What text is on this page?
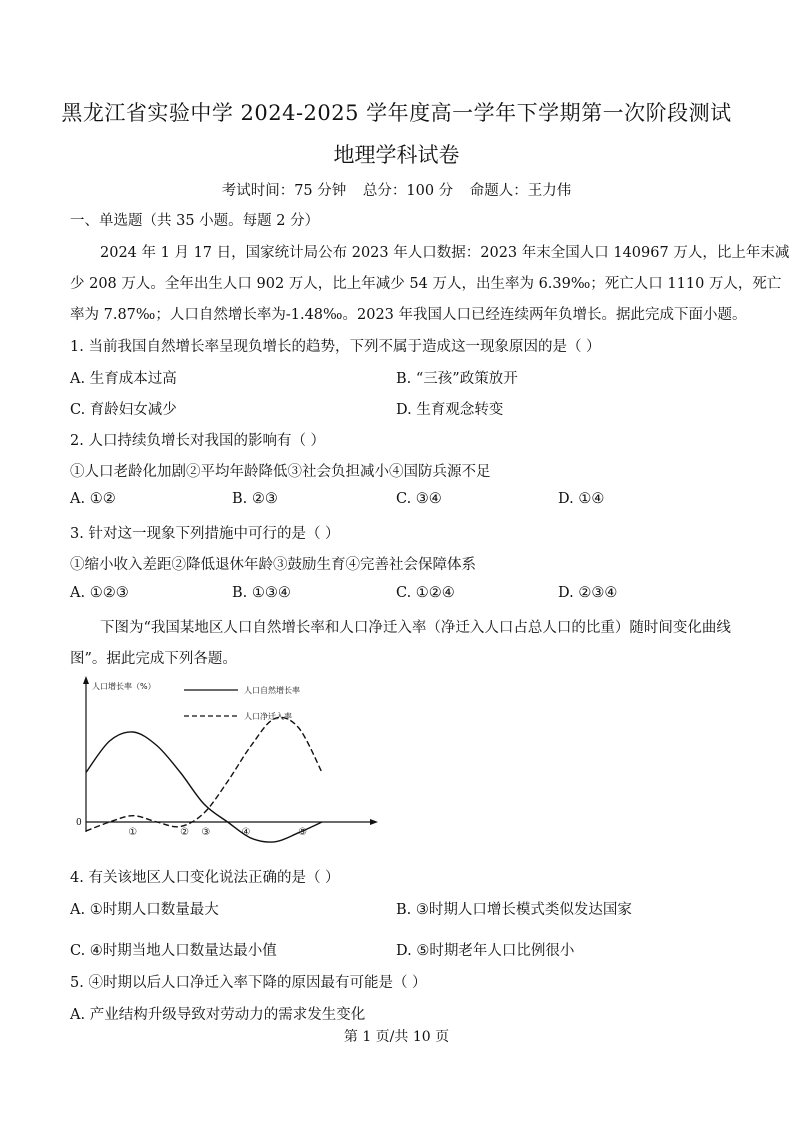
黑龙江省实验中学 2024-2025 学年度高一学年下学期第一次阶段测试
地理学科试卷
考试时间：75 分钟 总分：100 分 命题人：王力伟
一、单选题（共 35 小题。每题 2 分）
2024 年 1 月 17 日，国家统计局公布 2023 年人口数据：2023 年末全国人口 140967 万人，比上年末减
少 208 万人。全年出生人口 902 万人，比上年减少 54 万人，出生率为 6.39‰；死亡人口 1110 万人，死亡
率为 7.87‰；人口自然增长率为-1.48‰。2023 年我国人口已经连续两年负增长。据此完成下面小题。
1. 当前我国自然增长率呈现负增长的趋势，下列不属于造成这一现象原因的是（ ）
A. 生育成本过高	B. “三孩”政策放开
C. 育龄妇女减少	D. 生育观念转变
2. 人口持续负增长对我国的影响有（ ）
①人口老龄化加剧②平均年龄降低③社会负担减小④国防兵源不足
A. ①②	B. ②③	C. ③④	D. ①④
3. 针对这一现象下列措施中可行的是（ ）
①缩小收入差距②降低退休年龄③鼓励生育④完善社会保障体系
A. ①②③	B. ①③④	C. ①②④	D. ②③④
下图为“我国某地区人口自然增长率和人口净迁入率（净迁入人口占总人口的比重）随时间变化曲线
图”。据此完成下列各题。
人口增长率（%）
0
人口自然增长率
人口净迁入率
①	② ③	④	⑤
4. 有关该地区人口变化说法正确的是（ ）
A. ①时期人口数量最大	B. ③时期人口增长模式类似发达国家
C. ④时期当地人口数量达最小值	D. ⑤时期老年人口比例很小
5. ④时期以后人口净迁入率下降的原因最有可能是（ ）
A. 产业结构升级导致对劳动力的需求发生变化
第 1 页/共 10 页
